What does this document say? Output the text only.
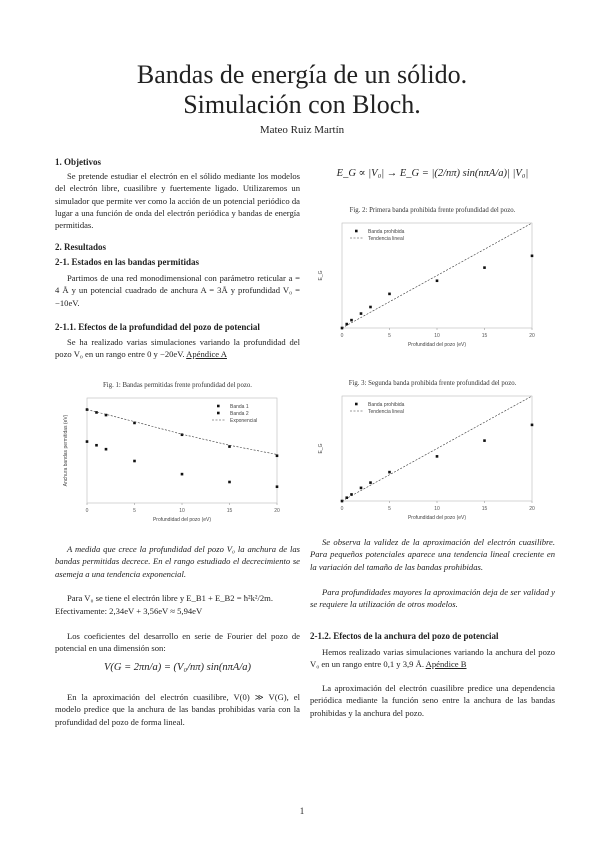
Bandas de energía de un sólido.
Simulación con Bloch.
Mateo Ruiz Martín
1. Objetivos
Se pretende estudiar el electrón en el sólido mediante los modelos del electrón libre, cuasilibre y fuertemente ligado. Utilizaremos un simulador que permite ver como la acción de un potencial periódico da lugar a una función de onda del electrón periódica y bandas de energía permitidas.
2. Resultados
2-1. Estados en las bandas permitidas
Partimos de una red monodimensional con parámetro reticular a = 4 Å y un potencial cuadrado de anchura A = 3Å y profundidad V₀ = −10eV.
2-1.1. Efectos de la profundidad del pozo de potencial
Se ha realizado varias simulaciones variando la profundidad del pozo V₀ en un rango entre 0 y −20eV. Apéndice A
Fig. 1: Bandas permitidas frente profundidad del pozo.
0	5	10	15	20
Profundidad del pozo (eV)
Anchura bandas permitidas (eV)
Banda 1
Banda 2
Exponencial
A medida que crece la profundidad del pozo V₀ la anchura de las bandas permitidas decrece. En el rango estudiado el decrecimiento se asemeja a una tendencia exponencial.
Para V₀ se tiene el electrón libre y E_B1 + E_B2 = ħ²k²/2m.
Efectivamente: 2,34eV + 3,56eV ≈ 5,94eV
Los coeficientes del desarrollo en serie de Fourier del pozo de potencial en una dimensión son:
V(G = 2πn/a) = (V₀/nπ) sin(nπA/a)
En la aproximación del electrón cuasilibre, V(0) ≫ V(G), el modelo predice que la anchura de las bandas prohibidas varía con la profundidad del pozo de forma lineal.
E_G ∝ |V₀| → E_G = |(2/nπ) sin(nπA/a)| |V₀|
Fig. 2: Primera banda prohibida frente profundidad del pozo.
0	5	10	15	20
Profundidad del pozo (eV)
E_G
Banda prohibida
Tendencia lineal
Fig. 3: Segunda banda prohibida frente profundidad del pozo.
0	5	10	15	20
Profundidad del pozo (eV)
E_G
Banda prohibida
Tendencia lineal
Se observa la validez de la aproximación del electrón cuasilibre. Para pequeños potenciales aparece una tendencia lineal creciente en la variación del tamaño de las bandas prohibidas.
Para profundidades mayores la aproximación deja de ser validad y se requiere la utilización de otros modelos.
2-1.2. Efectos de la anchura del pozo de potencial
Hemos realizado varias simulaciones variando la anchura del pozo V₀ en un rango entre 0,1 y 3,9 Å. Apéndice B
La aproximación del electrón cuasilibre predice una dependencia periódica mediante la función seno entre la anchura de las bandas prohibidas y la anchura del pozo.
1
